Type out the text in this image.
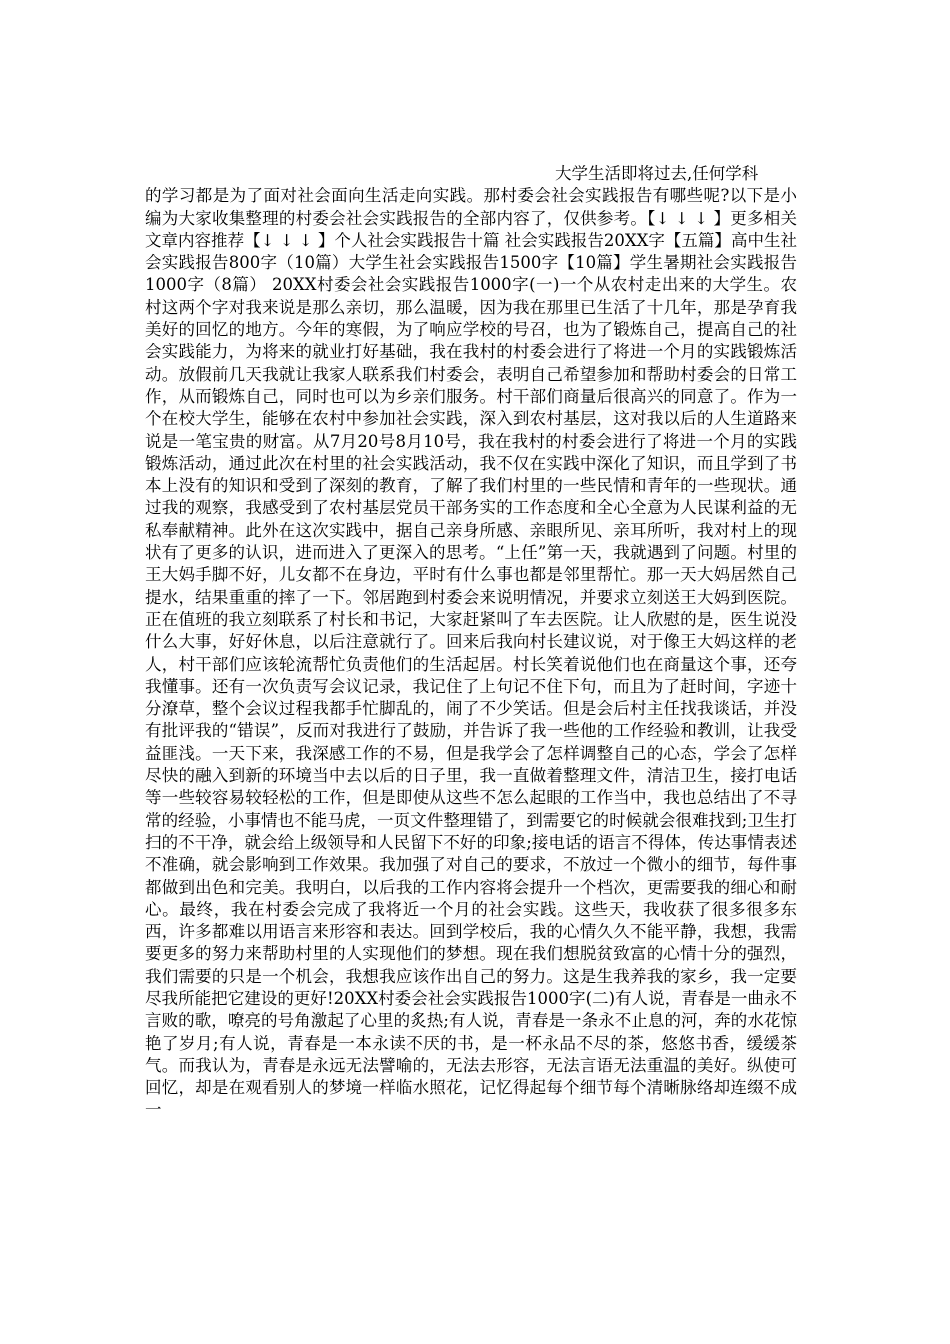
大学生活即将过去,任何学科
的学习都是为了面对社会面向生活走向实践。那村委会社会实践报告有哪些呢?以下是小编为大家收集整理的村委会社会实践报告的全部内容了，仅供参考。【↓ ↓ ↓ 】更多相关文章内容推荐【↓ ↓ ↓ 】个人社会实践报告十篇 社会实践报告20XX字【五篇】高中生社会实践报告800字（10篇）大学生社会实践报告1500字【10篇】学生暑期社会实践报告1000字（8篇） 20XX村委会社会实践报告1000字(一)一个从农村走出来的大学生。农村这两个字对我来说是那么亲切，那么温暖，因为我在那里已生活了十几年，那是孕育我美好的回忆的地方。今年的寒假，为了响应学校的号召，也为了锻炼自己，提高自己的社会实践能力，为将来的就业打好基础，我在我村的村委会进行了将进一个月的实践锻炼活动。放假前几天我就让我家人联系我们村委会，表明自己希望参加和帮助村委会的日常工作，从而锻炼自己，同时也可以为乡亲们服务。村干部们商量后很高兴的同意了。作为一个在校大学生，能够在农村中参加社会实践，深入到农村基层，这对我以后的人生道路来说是一笔宝贵的财富。从7月20号8月10号，我在我村的村委会进行了将进一个月的实践锻炼活动，通过此次在村里的社会实践活动，我不仅在实践中深化了知识，而且学到了书本上没有的知识和受到了深刻的教育，了解了我们村里的一些民情和青年的一些现状。通过我的观察，我感受到了农村基层党员干部务实的工作态度和全心全意为人民谋利益的无私奉献精神。此外在这次实践中，据自己亲身所感、亲眼所见、亲耳所听，我对村上的现状有了更多的认识，进而进入了更深入的思考。“上任”第一天，我就遇到了问题。村里的王大妈手脚不好，儿女都不在身边，平时有什么事也都是邻里帮忙。那一天大妈居然自己提水，结果重重的摔了一下。邻居跑到村委会来说明情况，并要求立刻送王大妈到医院。正在值班的我立刻联系了村长和书记，大家赶紧叫了车去医院。让人欣慰的是，医生说没什么大事，好好休息，以后注意就行了。回来后我向村长建议说，对于像王大妈这样的老人，村干部们应该轮流帮忙负责他们的生活起居。村长笑着说他们也在商量这个事，还夸我懂事。还有一次负责写会议记录，我记住了上句记不住下句，而且为了赶时间，字迹十分潦草，整个会议过程我都手忙脚乱的，闹了不少笑话。但是会后村主任找我谈话，并没有批评我的“错误”，反而对我进行了鼓励，并告诉了我一些他的工作经验和教训，让我受益匪浅。一天下来，我深感工作的不易，但是我学会了怎样调整自己的心态，学会了怎样尽快的融入到新的环境当中去以后的日子里，我一直做着整理文件，清洁卫生，接打电话等一些较容易较轻松的工作，但是即使从这些不怎么起眼的工作当中，我也总结出了不寻常的经验，小事情也不能马虎，一页文件整理错了，到需要它的时候就会很难找到;卫生打扫的不干净，就会给上级领导和人民留下不好的印象;接电话的语言不得体，传达事情表述不准确，就会影响到工作效果。我加强了对自己的要求，不放过一个微小的细节，每件事都做到出色和完美。我明白，以后我的工作内容将会提升一个档次，更需要我的细心和耐心。最终，我在村委会完成了我将近一个月的社会实践。这些天，我收获了很多很多东西，许多都难以用语言来形容和表达。回到学校后，我的心情久久不能平静，我想，我需要更多的努力来帮助村里的人实现他们的梦想。现在我们想脱贫致富的心情十分的强烈，我们需要的只是一个机会，我想我应该作出自己的努力。这是生我养我的家乡，我一定要尽我所能把它建设的更好!20XX村委会社会实践报告1000字(二)有人说，青春是一曲永不言败的歌，嘹亮的号角激起了心里的炙热;有人说，青春是一条永不止息的河，奔的水花惊艳了岁月;有人说，青春是一本永读不厌的书，是一杯永品不尽的茶，悠悠书香，缓缓茶气。而我认为，青春是永远无法譬喻的，无法去形容，无法言语无法重温的美好。纵使可回忆，却是在观看别人的梦境一样临水照花，记忆得起每个细节每个清晰脉络却连缀不成一
